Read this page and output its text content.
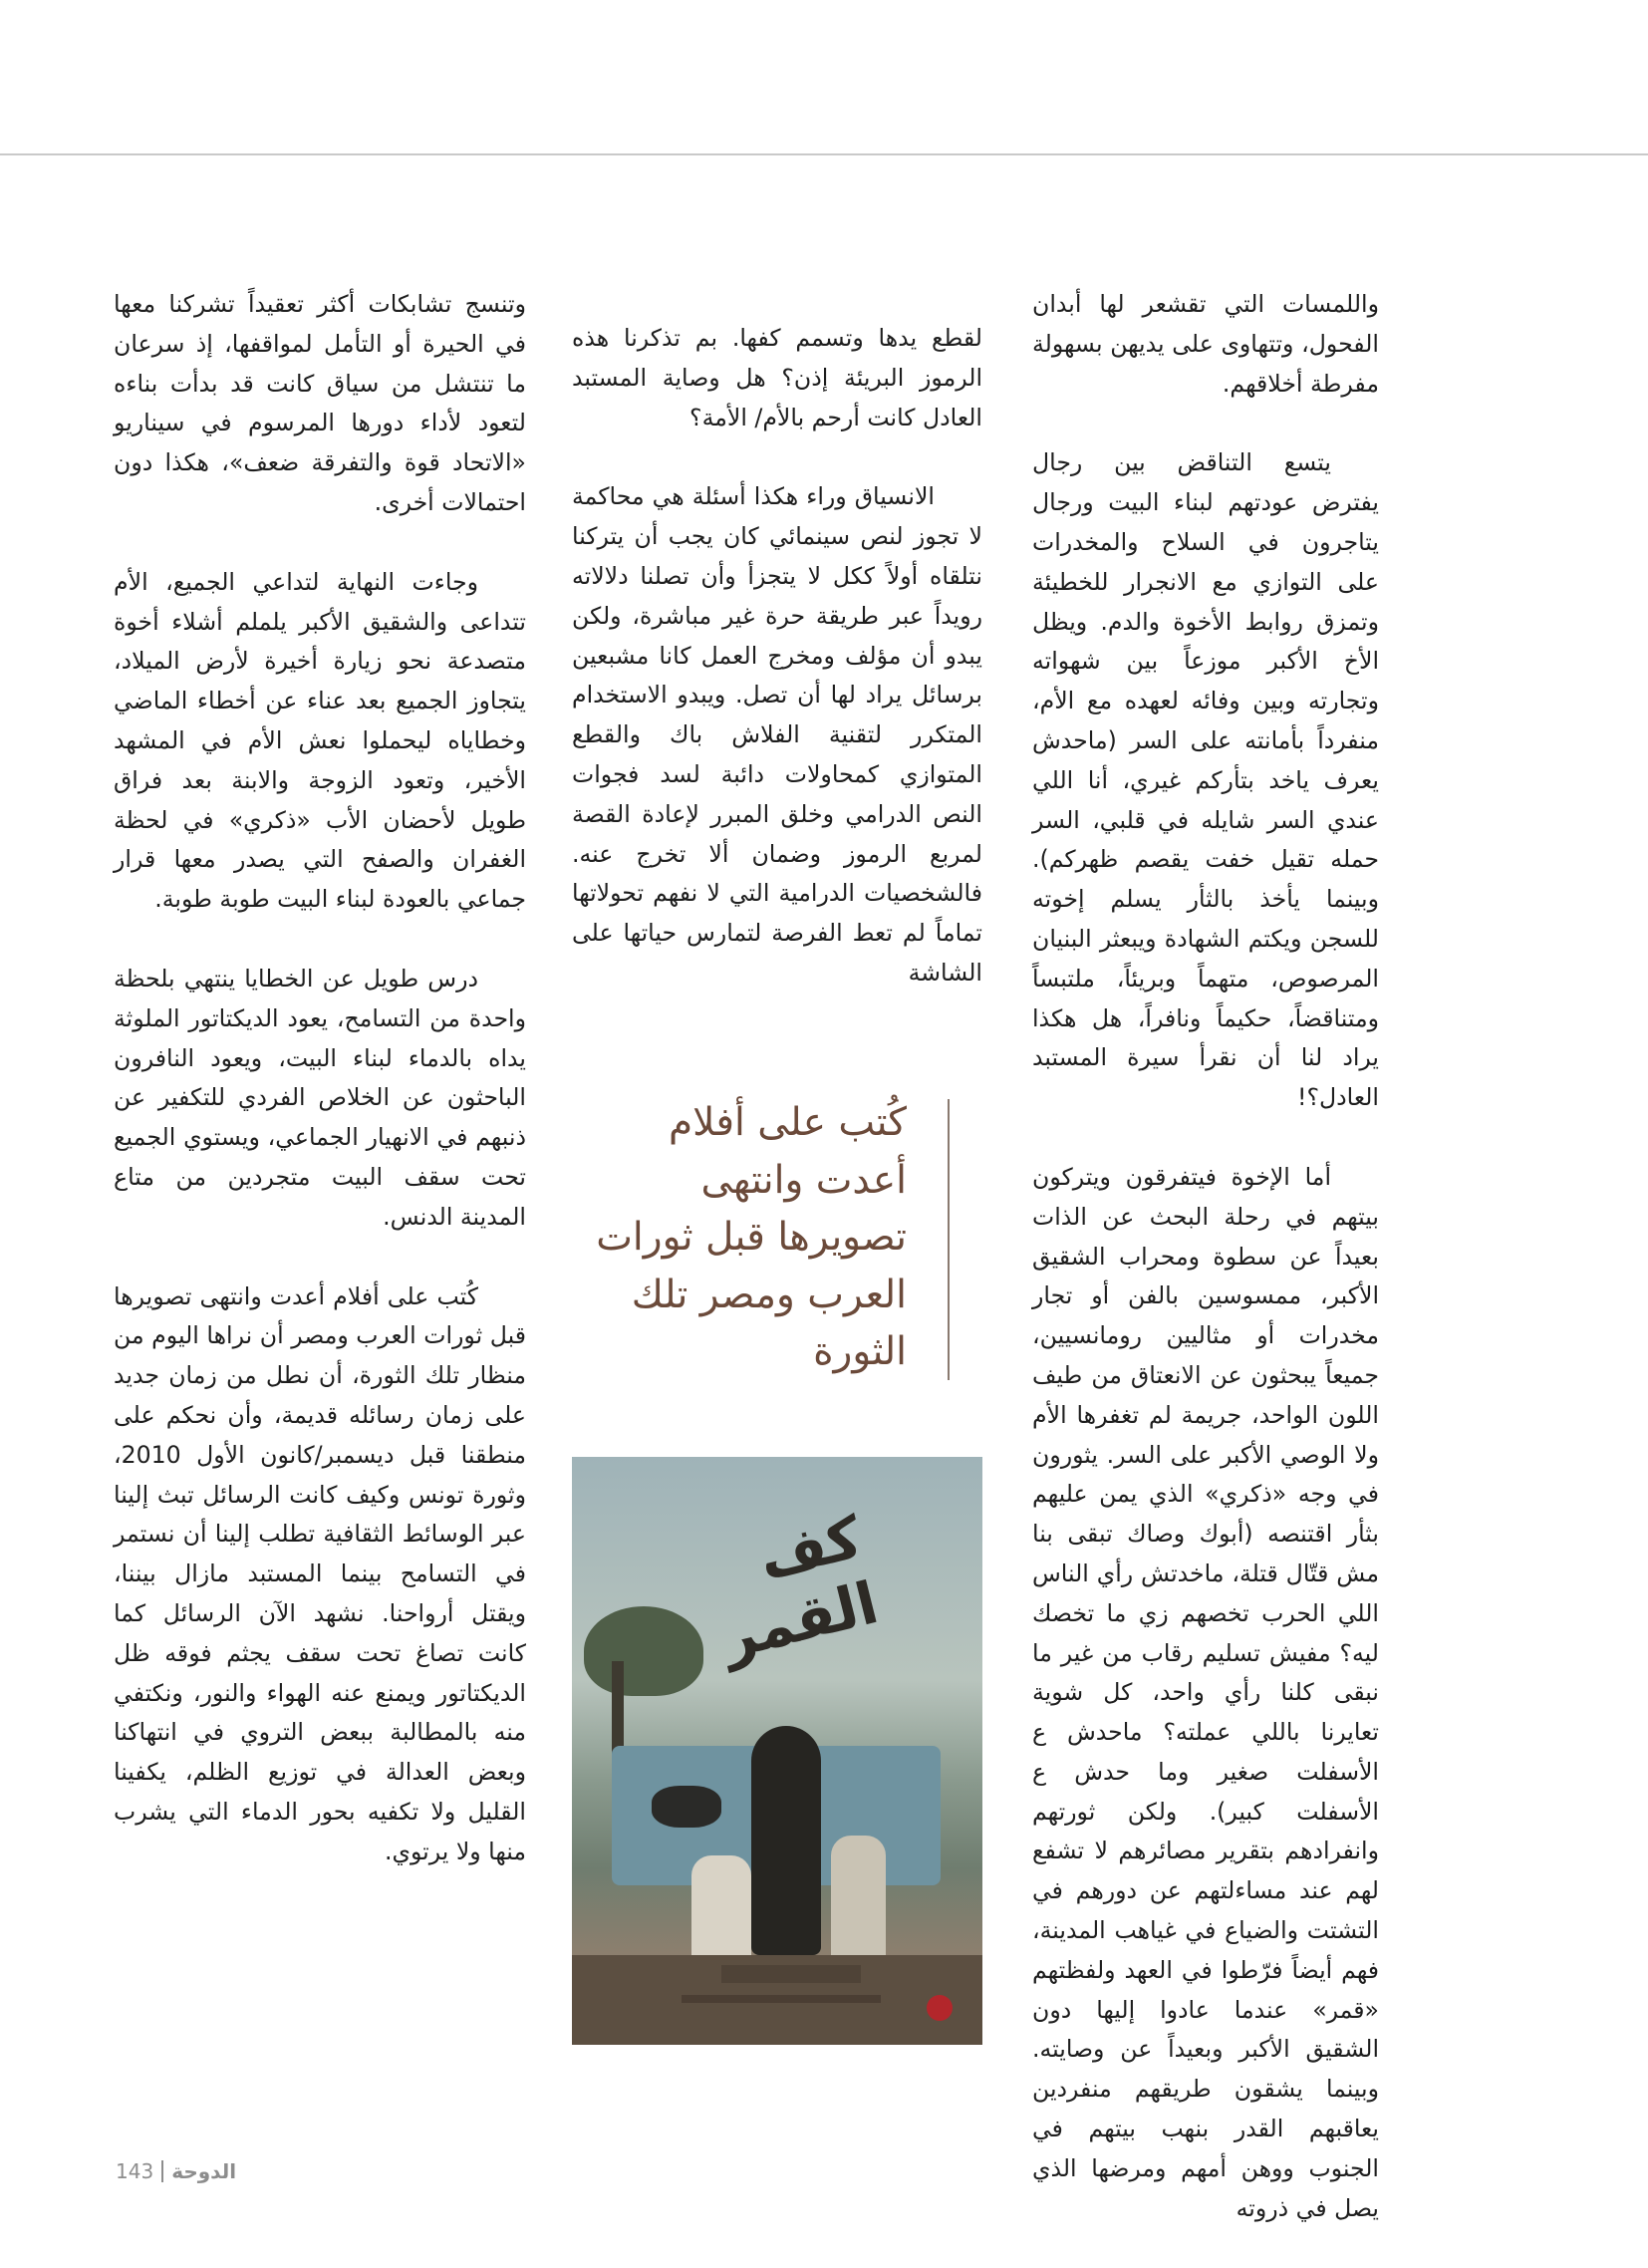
واللمسات التي تقشعر لها أبدان الفحول، وتتهاوى على يديهن بسهولة مفرطة أخلاقهم.

يتسع التناقض بين رجال يفترض عودتهم لبناء البيت ورجال يتاجرون في السلاح والمخدرات على التوازي مع الانجرار للخطيئة وتمزق روابط الأخوة والدم. ويظل الأخ الأكبر موزعاً بين شهواته وتجارته وبين وفائه لعهده مع الأم، منفرداً بأمانته على السر (ماحدش يعرف ياخد بتأركم غيري، أنا اللي عندي السر شايله في قلبي، السر حمله تقيل خفت يقصم ظهركم). وبينما يأخذ بالثأر يسلم إخوته للسجن ويكتم الشهادة ويبعثر البنيان المرصوص، متهماً وبريئاً، ملتبساً ومتناقضاً، حكيماً ونافراً، هل هكذا يراد لنا أن نقرأ سيرة المستبد العادل؟!

أما الإخوة فيتفرقون ويتركون بيتهم في رحلة البحث عن الذات بعيداً عن سطوة ومحراب الشقيق الأكبر، ممسوسين بالفن أو تجار مخدرات أو مثاليين رومانسيين، جميعاً يبحثون عن الانعتاق من طيف اللون الواحد، جريمة لم تغفرها الأم ولا الوصي الأكبر على السر. يثورون في وجه «ذكري» الذي يمن عليهم بثأر اقتنصه (أبوك وصاك تبقى بنا مش قتّال قتلة، ماخدتش رأي الناس اللي الحرب تخصهم زي ما تخصك ليه؟ مفيش تسليم رقاب من غير ما نبقى كلنا رأي واحد، كل شوية تعايرنا باللي عملته؟ ماحدش ع الأسفلت صغير وما حدش ع الأسفلت كبير). ولكن ثورتهم وانفرادهم بتقرير مصائرهم لا تشفع لهم عند مساءلتهم عن دورهم في التشتت والضياع في غياهب المدينة، فهم أيضاً فرّطوا في العهد ولفظتهم «قمر» عندما عادوا إليها دون الشقيق الأكبر وبعيداً عن وصايته. وبينما يشقون طريقهم منفردين يعاقبهم القدر بنهب بيتهم في الجنوب ووهن أمهم ومرضها الذي يصل في ذروته

لقطع يدها وتسمم كفها. بم تذكرنا هذه الرموز البريئة إذن؟ هل وصاية المستبد العادل كانت أرحم بالأم/ الأمة؟

الانسياق وراء هكذا أسئلة هي محاكمة لا تجوز لنص سينمائي كان يجب أن يتركنا نتلقاه أولاً ككل لا يتجزأ وأن تصلنا دلالاته رويداً عبر طريقة حرة غير مباشرة، ولكن يبدو أن مؤلف ومخرج العمل كانا مشبعين برسائل يراد لها أن تصل. ويبدو الاستخدام المتكرر لتقنية الفلاش باك والقطع المتوازي كمحاولات دائبة لسد فجوات النص الدرامي وخلق المبرر لإعادة القصة لمربع الرموز وضمان ألا تخرج عنه. فالشخصيات الدرامية التي لا نفهم تحولاتها تماماً لم تعط الفرصة لتمارس حياتها على الشاشة

كُتب على أفلام أعدت وانتهى تصويرها قبل ثورات العرب ومصر تلك الثورة
كف القمر

وتنسج تشابكات أكثر تعقيداً تشركنا معها في الحيرة أو التأمل لمواقفها، إذ سرعان ما تنتشل من سياق كانت قد بدأت بناءه لتعود لأداء دورها المرسوم في سيناريو «الاتحاد قوة والتفرقة ضعف»، هكذا دون احتمالات أخرى.

وجاءت النهاية لتداعي الجميع، الأم تتداعى والشقيق الأكبر يلملم أشلاء أخوة متصدعة نحو زيارة أخيرة لأرض الميلاد، يتجاوز الجميع بعد عناء عن أخطاء الماضي وخطاياه ليحملوا نعش الأم في المشهد الأخير، وتعود الزوجة والابنة بعد فراق طويل لأحضان الأب «ذكري» في لحظة الغفران والصفح التي يصدر معها قرار جماعي بالعودة لبناء البيت طوبة طوبة.

درس طويل عن الخطايا ينتهي بلحظة واحدة من التسامح، يعود الديكتاتور الملوثة يداه بالدماء لبناء البيت، ويعود النافرون الباحثون عن الخلاص الفردي للتكفير عن ذنبهم في الانهيار الجماعي، ويستوي الجميع تحت سقف البيت متجردين من متاع المدينة الدنس.

كُتب على أفلام أعدت وانتهى تصويرها قبل ثورات العرب ومصر أن نراها اليوم من منظار تلك الثورة، أن نطل من زمان جديد على زمان رسائله قديمة، وأن نحكم على منطقنا قبل ديسمبر/كانون الأول 2010، وثورة تونس وكيف كانت الرسائل تبث إلينا عبر الوسائط الثقافية تطلب إلينا أن نستمر في التسامح بينما المستبد مازال بيننا، ويقتل أرواحنا. نشهد الآن الرسائل كما كانت تصاغ تحت سقف يجثم فوقه ظل الديكتاتور ويمنع عنه الهواء والنور، ونكتفي منه بالمطالبة ببعض التروي في انتهاكنا وبعض العدالة في توزيع الظلم، يكفينا القليل ولا تكفيه بحور الدماء التي يشرب منها ولا يرتوي.

143 الدوحة
